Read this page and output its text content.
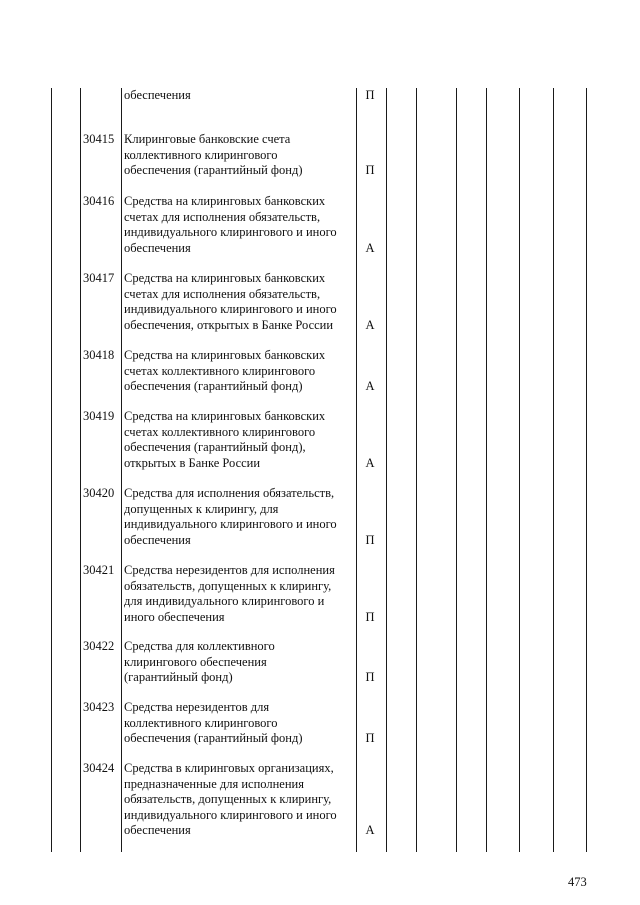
обеспечения	П
30415 Клиринговые банковские счета
коллективного клирингового
обеспечения (гарантийный фонд)	П
30416 Средства на клиринговых банковских
счетах для исполнения обязательств,
индивидуального клирингового и иного
обеспечения	А
30417 Средства на клиринговых банковских
счетах для исполнения обязательств,
индивидуального клирингового и иного
обеспечения, открытых в Банке России	А
30418 Средства на клиринговых банковских
счетах коллективного клирингового
обеспечения (гарантийный фонд)	А
30419 Средства на клиринговых банковских
счетах коллективного клирингового
обеспечения (гарантийный фонд),
открытых в Банке России	А
30420 Средства для исполнения обязательств,
допущенных к клирингу, для
индивидуального клирингового и иного
обеспечения	П
30421 Средства нерезидентов для исполнения
обязательств, допущенных к клирингу,
для индивидуального клирингового и
иного обеспечения	П
30422 Средства для коллективного
клирингового обеспечения
(гарантийный фонд)	П
30423 Средства нерезидентов для
коллективного клирингового
обеспечения (гарантийный фонд)	П
30424 Средства в клиринговых организациях,
предназначенные для исполнения
обязательств, допущенных к клирингу,
индивидуального клирингового и иного
обеспечения	А
473
